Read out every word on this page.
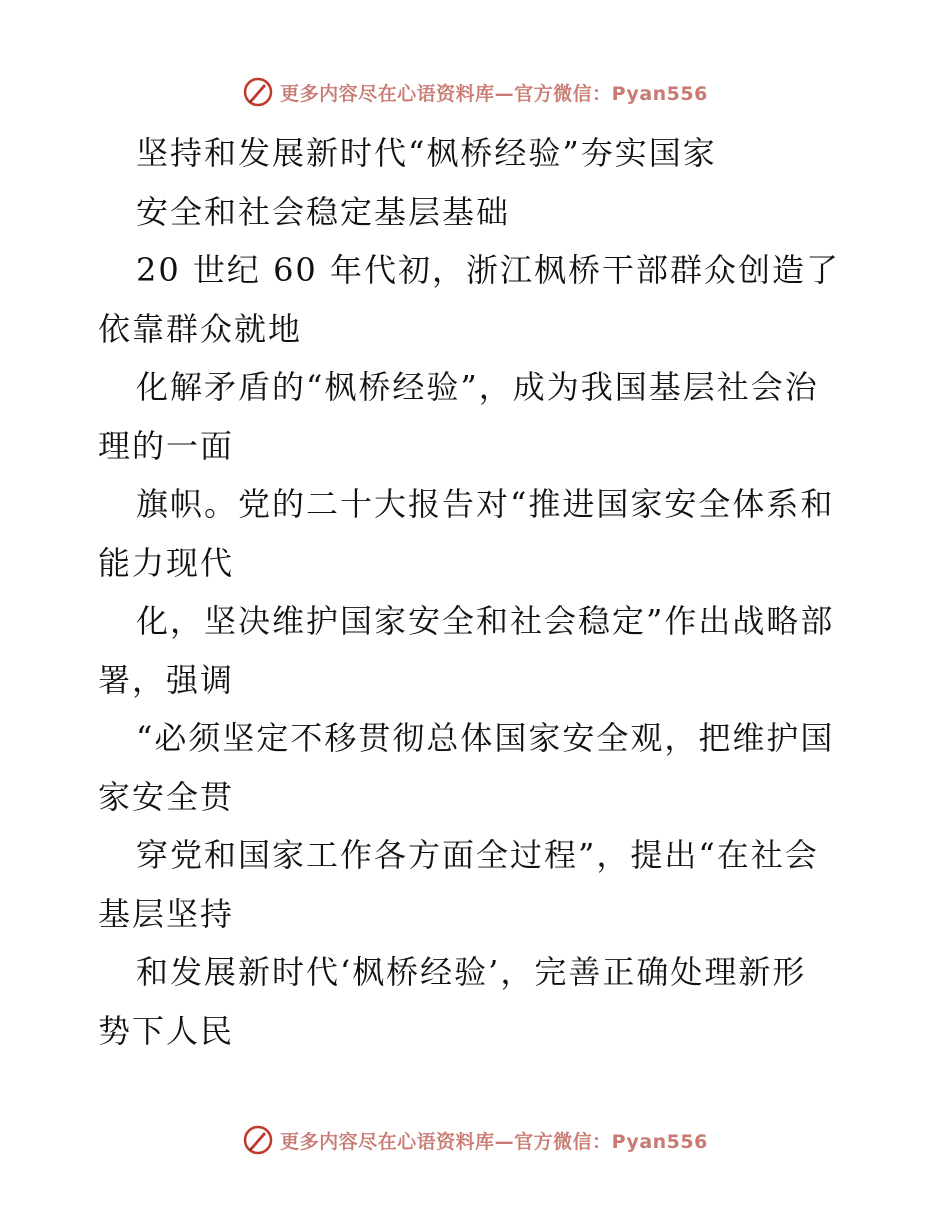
更多内容尽在心语资料库—官方微信：Pyan556
坚持和发展新时代“枫桥经验”夯实国家
安全和社会稳定基层基础
20 世纪 60 年代初，浙江枫桥干部群众创造了
依靠群众就地
化解矛盾的“枫桥经验”，成为我国基层社会治
理的一面
旗帜。党的二十大报告对“推进国家安全体系和
能力现代
化，坚决维护国家安全和社会稳定”作出战略部
署，强调
“必须坚定不移贯彻总体国家安全观，把维护国
家安全贯
穿党和国家工作各方面全过程”，提出“在社会
基层坚持
和发展新时代‘枫桥经验’，完善正确处理新形
势下人民
更多内容尽在心语资料库—官方微信：Pyan556
